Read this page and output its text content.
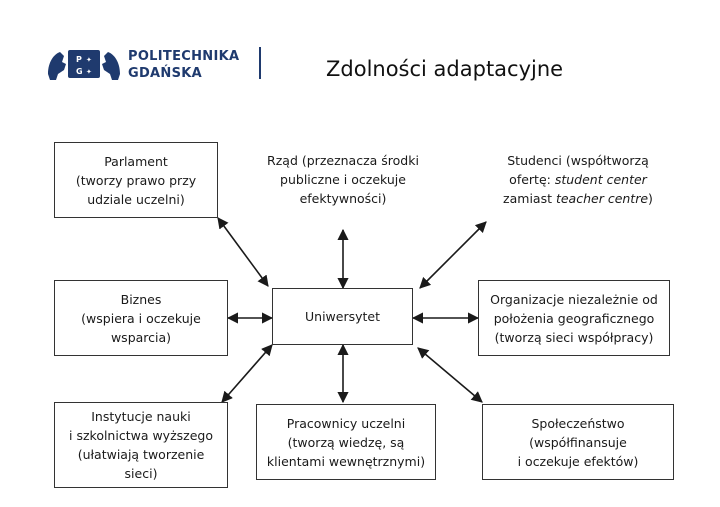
P ✦
G ✦
POLITECHNIKA
GDAŃSKA	Zdolności adaptacyjne
Parlament
(tworzy prawo przy
udziale uczelni)
Rząd (przeznacza środki
publiczne i oczekuje
efektywności)
Studenci (współtworzą
ofertę: student center
zamiast teacher centre)
Biznes
(wspiera i oczekuje
wsparcia)
Uniwersytet
Organizacje niezależnie od
położenia geograficznego
(tworzą sieci współpracy)
Instytucje nauki
i szkolnictwa wyższego
(ułatwiają tworzenie
sieci)
Pracownicy uczelni
(tworzą wiedzę, są
klientami wewnętrznymi)
Społeczeństwo
(współfinansuje
i oczekuje efektów)
